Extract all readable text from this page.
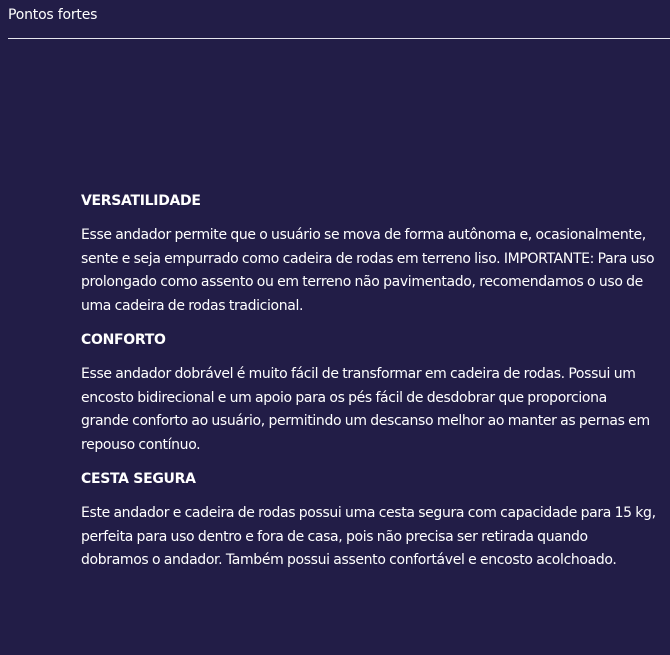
Pontos fortes
VERSATILIDADE

Esse andador permite que o usuário se mova de forma autônoma e, ocasionalmente, sente e seja empurrado como cadeira de rodas em terreno liso. IMPORTANTE: Para uso prolongado como assento ou em terreno não pavimentado, recomendamos o uso de uma cadeira de rodas tradicional.

CONFORTO

Esse andador dobrável é muito fácil de transformar em cadeira de rodas. Possui um encosto bidirecional e um apoio para os pés fácil de desdobrar que proporciona grande conforto ao usuário, permitindo um descanso melhor ao manter as pernas em repouso contínuo.

CESTA SEGURA

Este andador e cadeira de rodas possui uma cesta segura com capacidade para 15 kg, perfeita para uso dentro e fora de casa, pois não precisa ser retirada quando dobramos o andador. Também possui assento confortável e encosto acolchoado.
